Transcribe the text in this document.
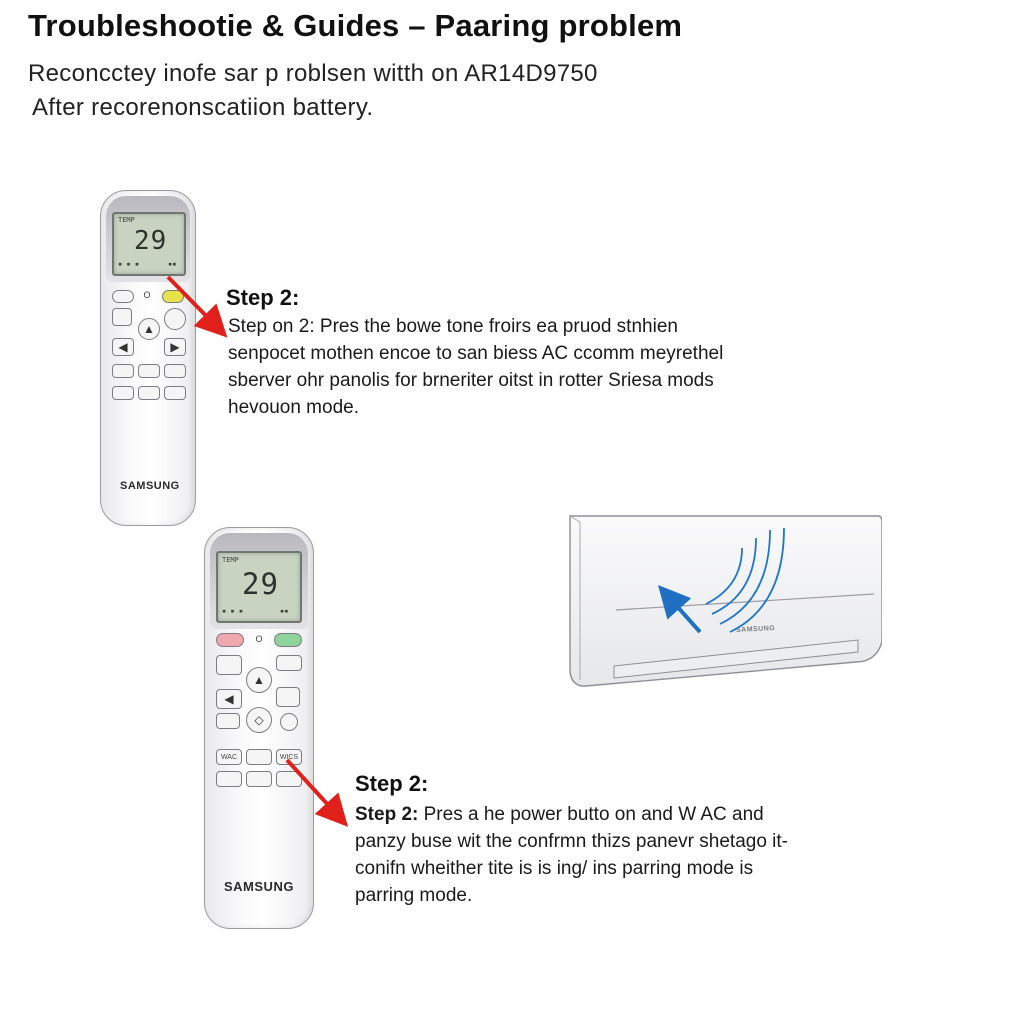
Troubleshootie & Guides – Paaring problem
Reconcctey inofe sar p roblsen witth on AR14D9750
After recorenonscatiion battery.
TEMP
29
▪ ▪ ▪	▪▪
O
▲
◀	▶
SAMSUNG
Step 2:

Step on 2: Pres the bowe tone froirs ea pruod stnhien

senpocet mothen encoe to san biess AC ccomm meyrethel

sberver ohr panolis for brneriter oitst in rotter Sriesa mods

hevouon mode.

TEMP
29
▪ ▪ ▪	▪▪
O
▲
◀
◇
WAC	WICS
SAMSUNG
Step 2:

Step 2: Pres a he power butto on and W AC and

panzy buse wit the confrmn thizs panevr shetago it-

conifn wheither tite is is ing/ ins parring mode is

parring mode.

SAMSUNG
